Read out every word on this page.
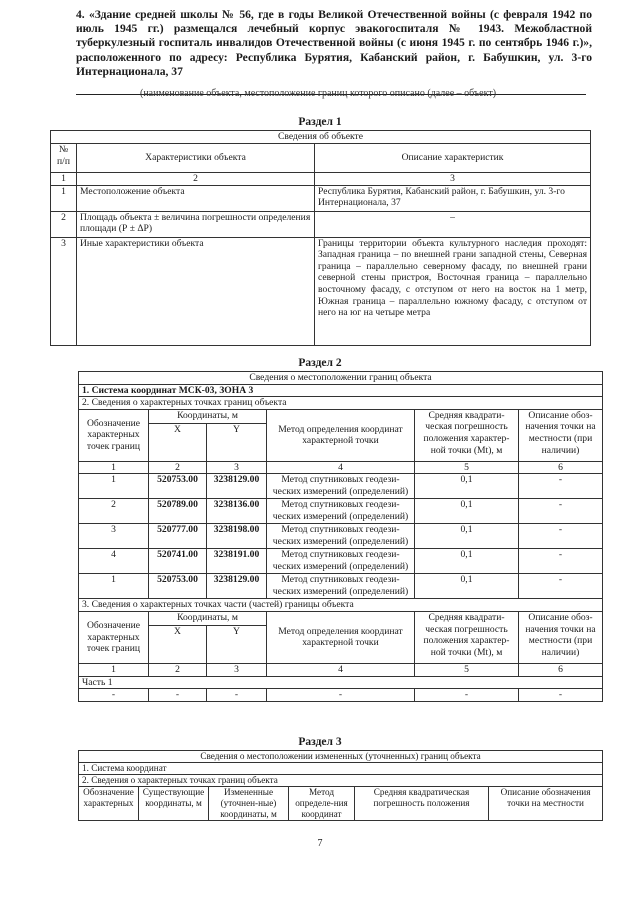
4. «Здание средней школы № 56, где в годы Великой Отечественной войны (с февраля 1942 по июль 1945 гг.) размещался лечебный корпус эвакогоспиталя № 1943. Межобластной туберкулезный госпиталь инвалидов Отечественной войны (с июня 1945 г. по сентябрь 1946 г.)», расположенного по адресу: Республика Бурятия, Кабанский район, г. Бабушкин, ул. 3-го Интернационала, 37
(наименование объекта, местоположение границ которого описано (далее – объект)
Раздел 1
Сведения об объекте		
№ п/п	Характеристики объекта	Описание характеристик
1	2	3
1	Местоположение объекта	Республика Бурятия, Кабанский район, г. Бабушкин, ул. 3-го Интернационала, 37
2	Площадь объекта ± величина погрешности определения площади (Р ± ΔР)	–
3	Иные характеристики объекта	Границы территории объекта культурного наследия проходят: Западная граница – по внешней грани западной стены, Северная граница – параллельно северному фасаду, по внешней грани северной стены пристроя, Восточная граница – параллельно восточному фасаду, с отступом от него на восток на 1 метр, Южная граница – параллельно южному фасаду, с отступом от него на юг на четыре метра
Раздел 2
Сведения о местоположении границ объекта					
1. Система координат МСК-03, ЗОНА 3					
2. Сведения о характерных точках границ объекта					
Обозначение характерных точек границ	Координаты, м		Метод определения координат характерной точки	Средняя квадрати-ческая погрешность положения характер-ной точки (Мt), м	Описание обоз-начения точки на местности (при наличии)
	X	Y			
1	2	3	4	5	6
1	520753.00	3238129.00	Метод спутниковых геодези-ческих измерений (определений)	0,1	-
2	520789.00	3238136.00	Метод спутниковых геодези-ческих измерений (определений)	0,1	-
3	520777.00	3238198.00	Метод спутниковых геодези-ческих измерений (определений)	0,1	-
4	520741.00	3238191.00	Метод спутниковых геодези-ческих измерений (определений)	0,1	-
1	520753.00	3238129.00	Метод спутниковых геодези-ческих измерений (определений)	0,1	-
3. Сведения о характерных точках части (частей) границы объекта					
Обозначение характерных точек границ	Координаты, м		Метод определения координат характерной точки	Средняя квадрати-ческая погрешность положения характер-ной точки (Мt), м	Описание обоз-начения точки на местности (при наличии)
	X	Y			
1	2	3	4	5	6
Часть 1					
-	-	-	-	-	-
Раздел 3
Сведения о местоположении измененных (уточненных) границ объекта
1. Система координат
2. Сведения о характерных точках границ объекта
Обозначение характерных	Существующие координаты, м	Измененные (уточнен-ные) координаты, м	Метод определе-ния координат	Средняя квадратическая погрешность положения	Описание обозначения точки на местности
7
